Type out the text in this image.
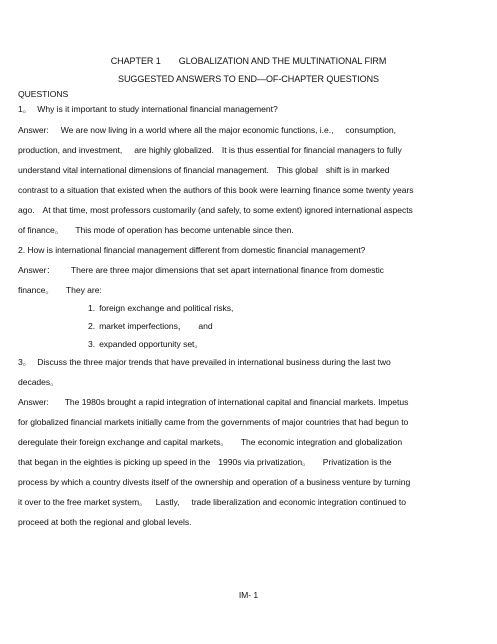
CHAPTER 1 GLOBALIZATION AND THE MULTINATIONAL FIRM
SUGGESTED ANSWERS TO END—OF-CHAPTER QUESTIONS
QUESTIONS
1。 Why is it important to study international financial management?
Answer: We are now living in a world where all the major economic functions, i.e., consumption,
production, and investment, are highly globalized. It is thus essential for financial managers to fully
understand vital international dimensions of financial management. This global shift is in marked
contrast to a situation that existed when the authors of this book were learning finance some twenty years
ago. At that time, most professors customarily (and safely, to some extent) ignored international aspects
of finance。 This mode of operation has become untenable since then.
2. How is international financial management different from domestic financial management?
Answer： There are three major dimensions that set apart international finance from domestic
finance。 They are:
1. foreign exchange and political risks,
2. market imperfections， and
3. expanded opportunity set。
3。 Discuss the three major trends that have prevailed in international business during the last two
decades。
Answer: The 1980s brought a rapid integration of international capital and financial markets. Impetus
for globalized financial markets initially came from the governments of major countries that had begun to
deregulate their foreign exchange and capital markets。 The economic integration and globalization
that began in the eighties is picking up speed in the 1990s via privatization。 Privatization is the
process by which a country divests itself of the ownership and operation of a business venture by turning
it over to the free market system。 Lastly, trade liberalization and economic integration continued to
proceed at both the regional and global levels.
IM- 1
